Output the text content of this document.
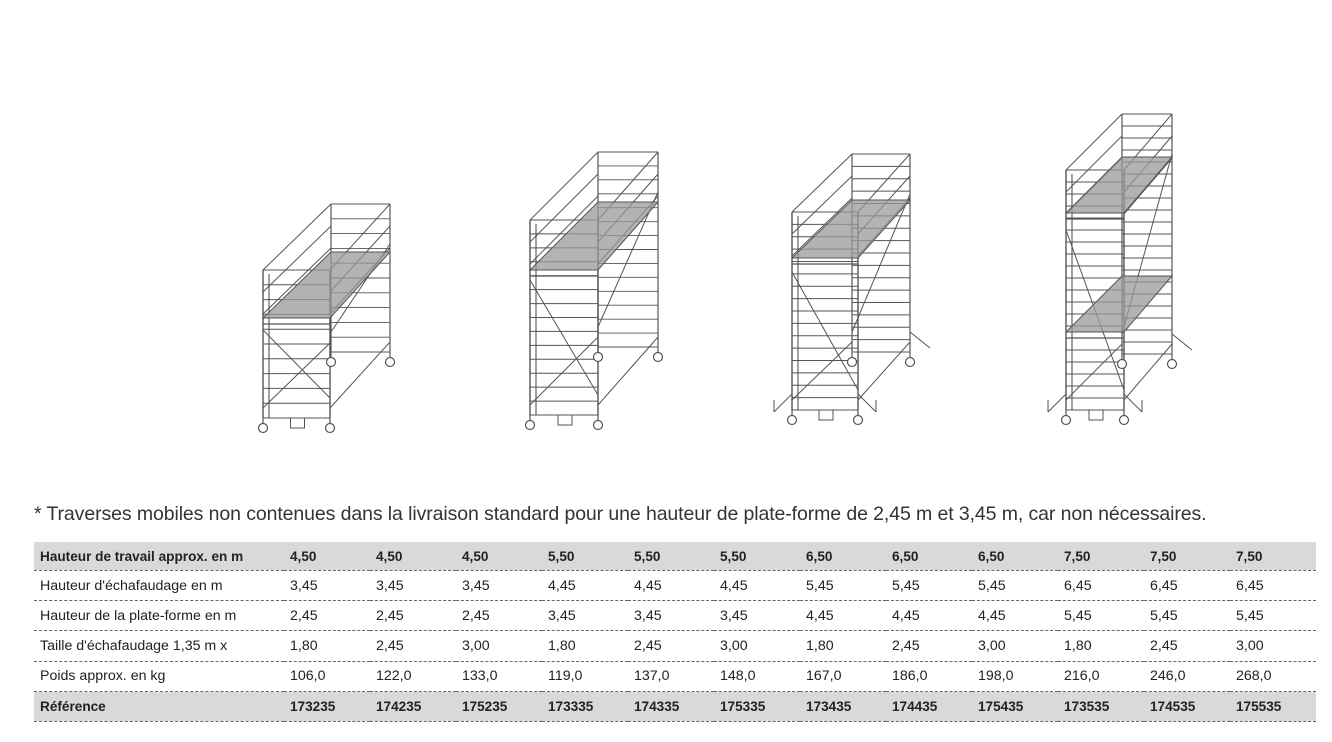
* Traverses mobiles non contenues dans la livraison standard pour une hauteur de plate-forme de 2,45 m et 3,45 m, car non nécessaires.
Hauteur de travail approx. en m	4,50	4,50	4,50	5,50	5,50	5,50	6,50	6,50	6,50	7,50	7,50	7,50
Hauteur d'échafaudage en m	3,45	3,45	3,45	4,45	4,45	4,45	5,45	5,45	5,45	6,45	6,45	6,45
Hauteur de la plate-forme en m	2,45	2,45	2,45	3,45	3,45	3,45	4,45	4,45	4,45	5,45	5,45	5,45
Taille d'échafaudage 1,35 m x	1,80	2,45	3,00	1,80	2,45	3,00	1,80	2,45	3,00	1,80	2,45	3,00
Poids approx. en kg	106,0	122,0	133,0	119,0	137,0	148,0	167,0	186,0	198,0	216,0	246,0	268,0
Référence	173235	174235	175235	173335	174335	175335	173435	174435	175435	173535	174535	175535
